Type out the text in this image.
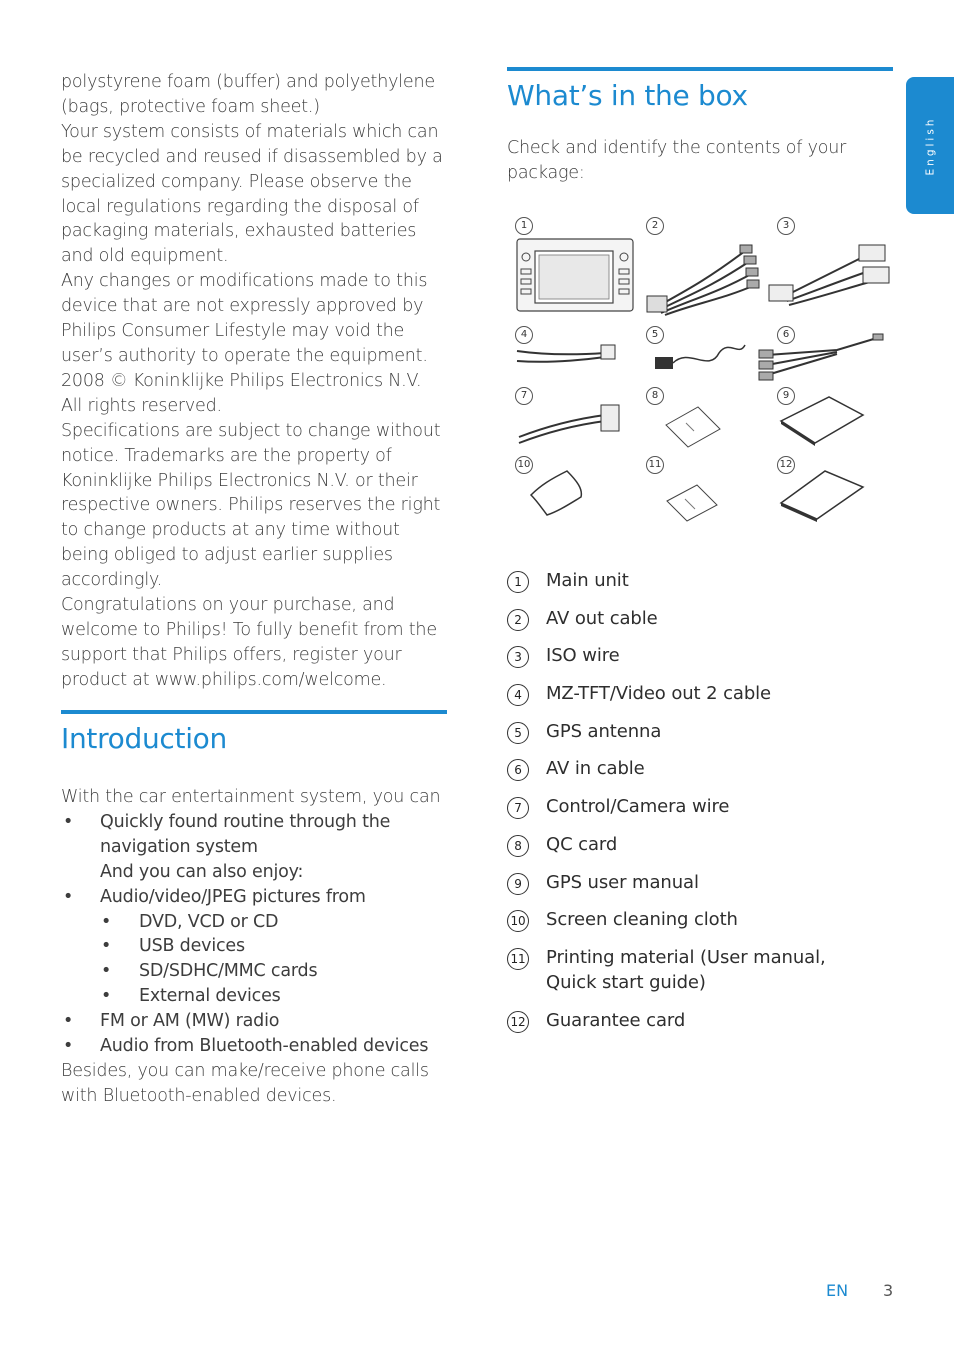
polystyrene foam (buffer) and polyethylene (bags, protective foam sheet.)

Your system consists of materials which can be recycled and reused if disassembled by a specialized company. Please observe the local regulations regarding the disposal of packaging materials, exhausted batteries and old equipment.

Any changes or modifications made to this device that are not expressly approved by Philips Consumer Lifestyle may void the user’s authority to operate the equipment.

2008 © Koninklijke Philips Electronics N.V. All rights reserved.

Specifications are subject to change without notice. Trademarks are the property of Koninklijke Philips Electronics N.V. or their respective owners. Philips reserves the right to change products at any time without being obliged to adjust earlier supplies accordingly.

Congratulations on your purchase, and welcome to Philips! To fully benefit from the support that Philips offers, register your product at www.philips.com/welcome.

Introduction

With the car entertainment system, you can

• Quickly found routine through the navigation system
And you can also enjoy:
• Audio/video/JPEG pictures from
• DVD, VCD or CD
• USB devices
• SD/SDHC/MMC cards
• External devices
• FM or AM (MW) radio
• Audio from Bluetooth-enabled devices

Besides, you can make/receive phone calls with Bluetooth-enabled devices.

What’s in the box

Check and identify the contents of your package:

1	2	3
4	5	6
7	8	9
10	11	12
1	Main unit
2	AV out cable
3	ISO wire
4	MZ-TFT/Video out 2 cable
5	GPS antenna
6	AV in cable
7	Control/Camera wire
8	QC card
9	GPS user manual
10 Screen cleaning cloth
11 Printing material (User manual, Quick start guide)
12 Guarantee card
English
EN 3
